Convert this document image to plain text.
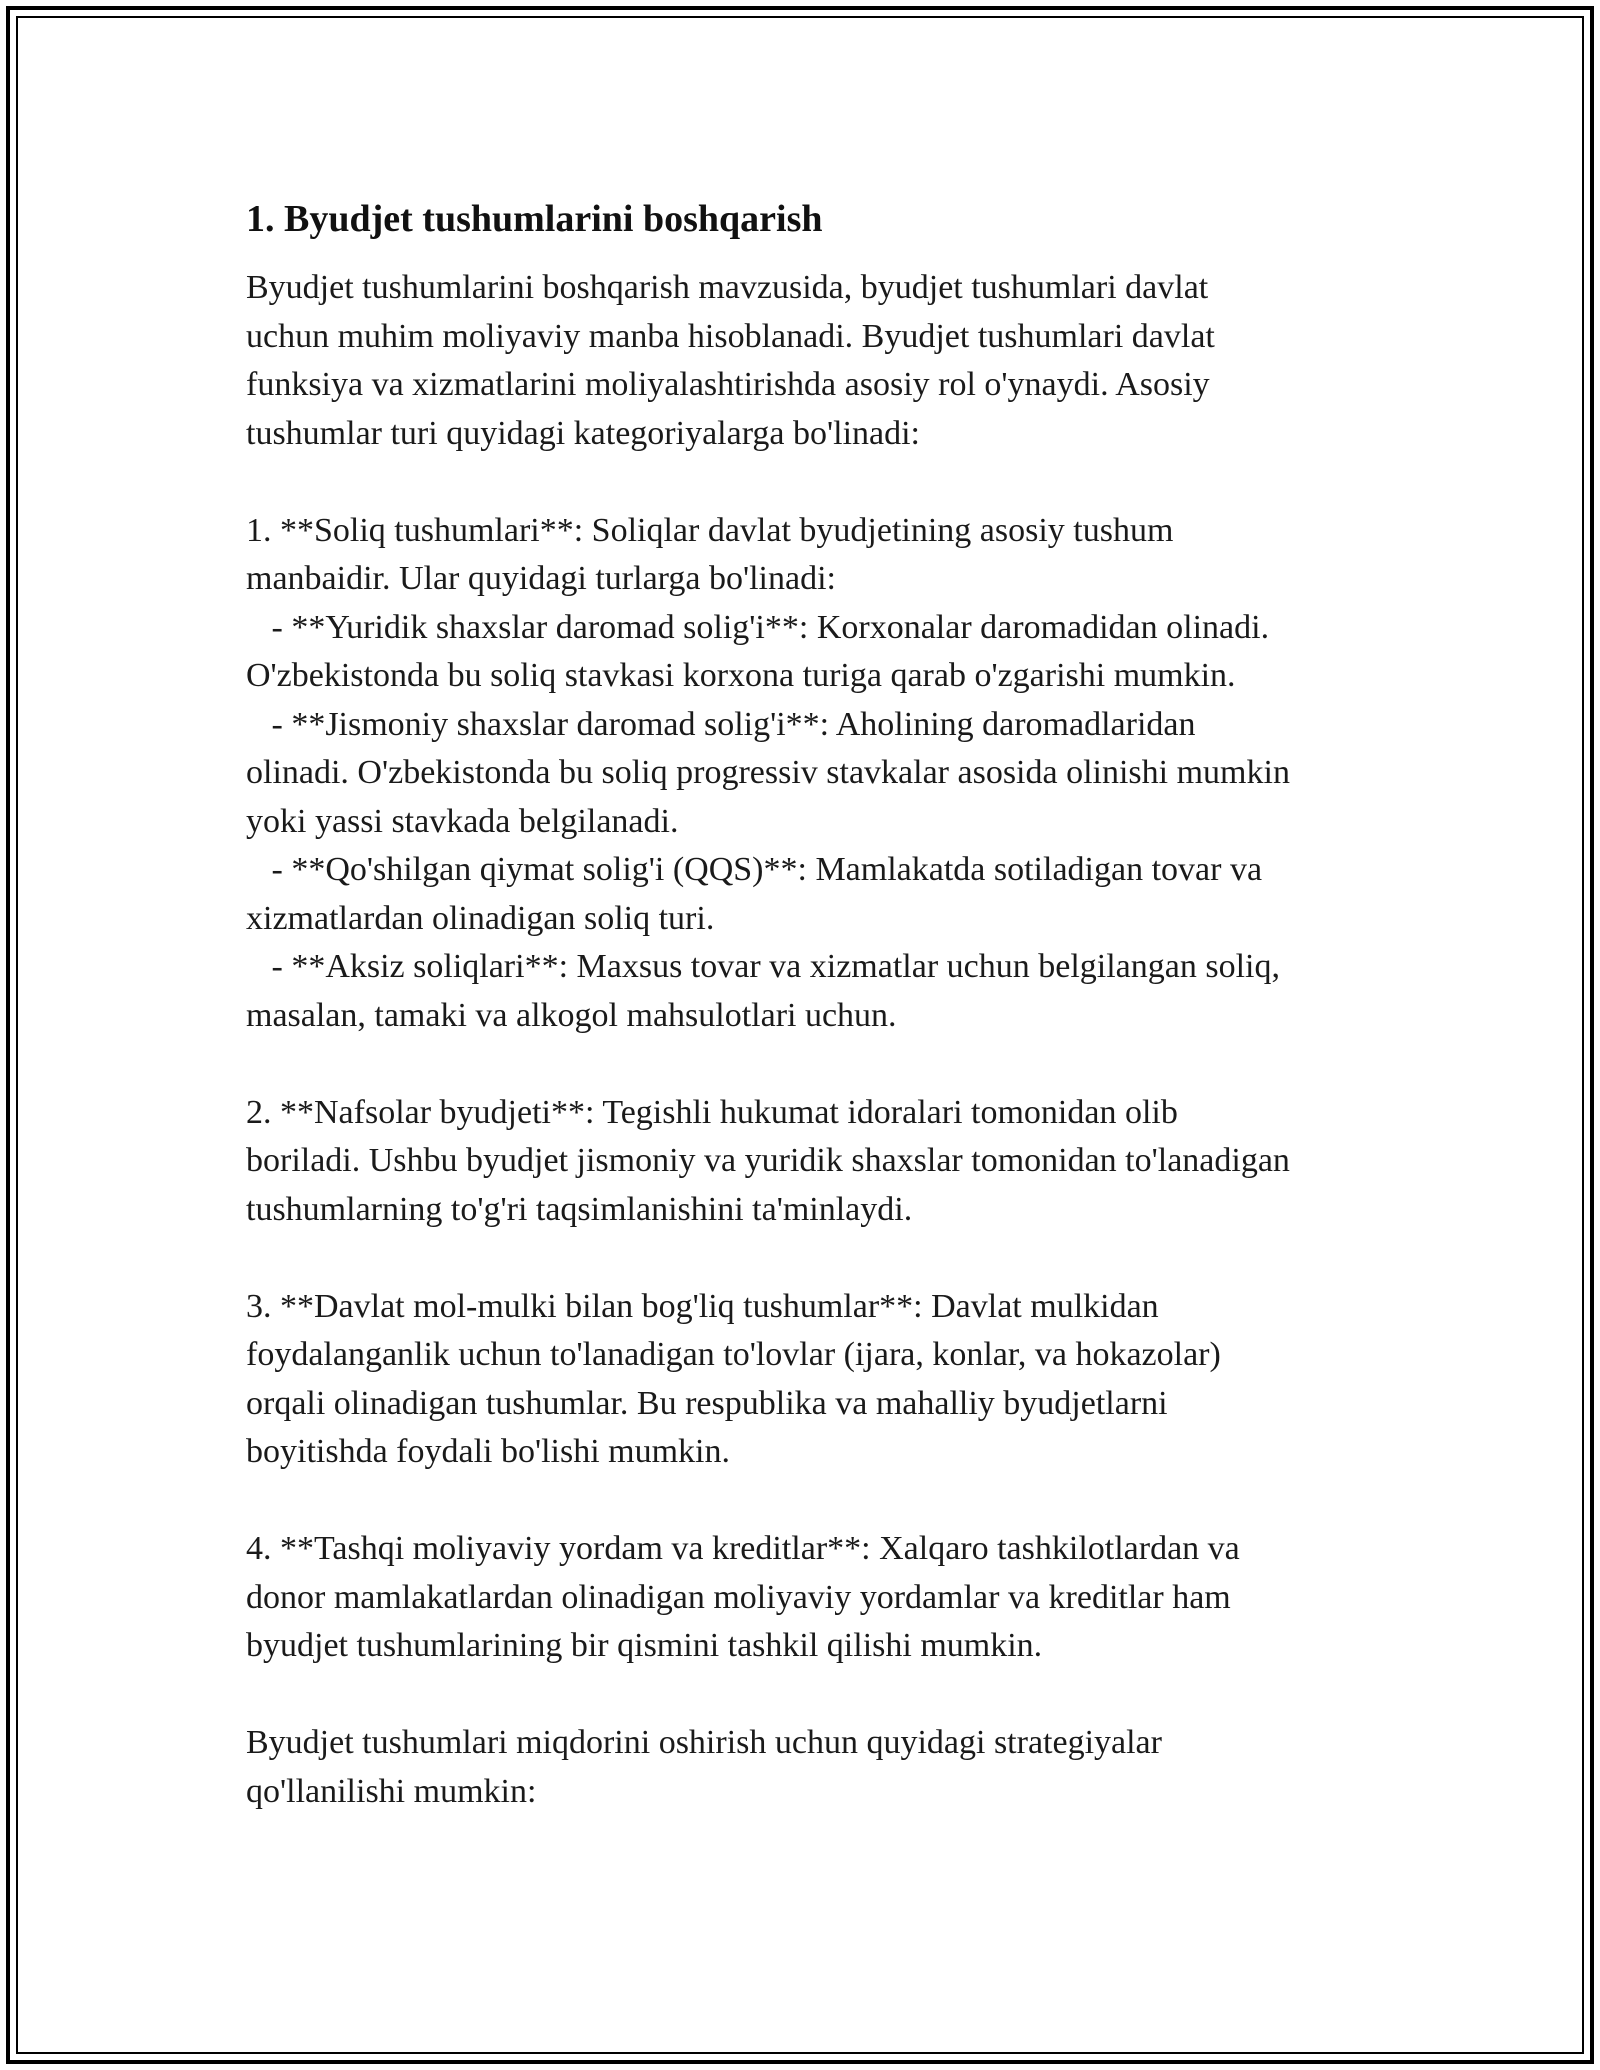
1. Byudjet tushumlarini boshqarish
Byudjet tushumlarini boshqarish mavzusida, byudjet tushumlari davlat
uchun muhim moliyaviy manba hisoblanadi. Byudjet tushumlari davlat
funksiya va xizmatlarini moliyalashtirishda asosiy rol o'ynaydi. Asosiy
tushumlar turi quyidagi kategoriyalarga bo'linadi:
1. **Soliq tushumlari**: Soliqlar davlat byudjetining asosiy tushum
manbaidir. Ular quyidagi turlarga bo'linadi:
- **Yuridik shaxslar daromad solig'i**: Korxonalar daromadidan olinadi.
O'zbekistonda bu soliq stavkasi korxona turiga qarab o'zgarishi mumkin.
- **Jismoniy shaxslar daromad solig'i**: Aholining daromadlaridan
olinadi. O'zbekistonda bu soliq progressiv stavkalar asosida olinishi mumkin
yoki yassi stavkada belgilanadi.
- **Qo'shilgan qiymat solig'i (QQS)**: Mamlakatda sotiladigan tovar va
xizmatlardan olinadigan soliq turi.
- **Aksiz soliqlari**: Maxsus tovar va xizmatlar uchun belgilangan soliq,
masalan, tamaki va alkogol mahsulotlari uchun.
2. **Nafsolar byudjeti**: Tegishli hukumat idoralari tomonidan olib
boriladi. Ushbu byudjet jismoniy va yuridik shaxslar tomonidan to'lanadigan
tushumlarning to'g'ri taqsimlanishini ta'minlaydi.
3. **Davlat mol-mulki bilan bog'liq tushumlar**: Davlat mulkidan
foydalanganlik uchun to'lanadigan to'lovlar (ijara, konlar, va hokazolar)
orqali olinadigan tushumlar. Bu respublika va mahalliy byudjetlarni
boyitishda foydali bo'lishi mumkin.
4. **Tashqi moliyaviy yordam va kreditlar**: Xalqaro tashkilotlardan va
donor mamlakatlardan olinadigan moliyaviy yordamlar va kreditlar ham
byudjet tushumlarining bir qismini tashkil qilishi mumkin.
Byudjet tushumlari miqdorini oshirish uchun quyidagi strategiyalar
qo'llanilishi mumkin:
